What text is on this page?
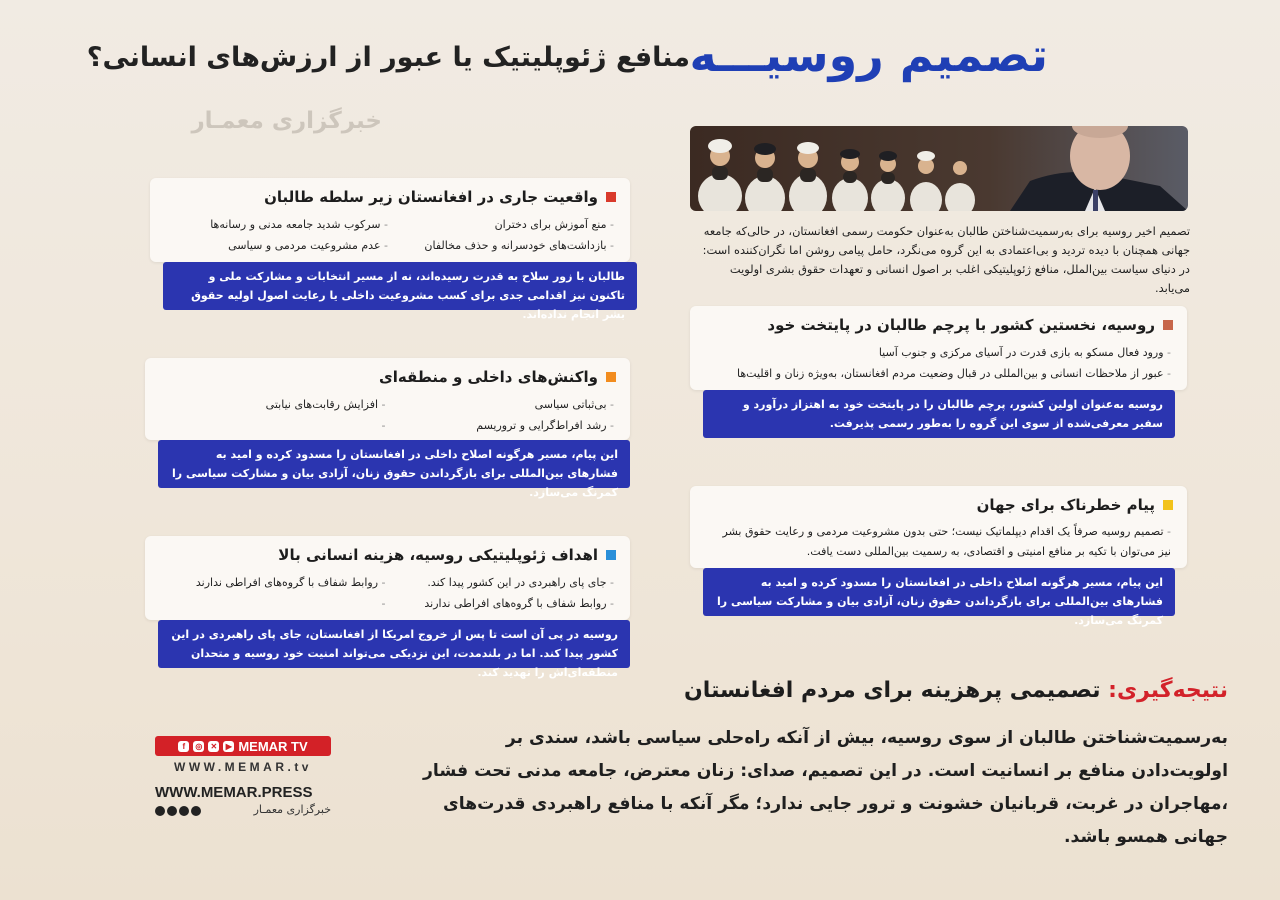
تصمیم روسیـــه
منافع ژئوپلیتیک یا عبور از ارزش‌های انسانی؟
خبرگزاری معمـار
تصمیم اخیر روسیه برای به‌رسمیت‌شناختن طالبان به‌عنوان حکومت رسمی افغانستان، در حالی‌که جامعه جهانی همچنان با دیده تردید و بی‌اعتمادی به این گروه می‌نگرد، حامل پیامی روشن اما نگران‌کننده است: در دنیای سیاست بین‌الملل، منافع ژئوپلیتیکی اغلب بر اصول انسانی و تعهدات حقوق بشری اولویت می‌یابد.
واقعیت جاری در افغانستان زیر سلطه طالبان
- منع آموزش برای دختران
- سرکوب شدید جامعه مدنی و رسانه‌ها
- بازداشت‌های خودسرانه و حذف مخالفان
- عدم مشروعیت مردمی و سیاسی
طالبان با زور سلاح به قدرت رسیده‌اند، نه از مسیر انتخابات و مشارکت ملی و تاکنون نیز اقدامی جدی برای کسب مشروعیت داخلی یا رعایت اصول اولیه حقوق بشر انجام نداده‌اند.
واکنش‌های داخلی و منطقه‌ای
- بی‌ثباتی سیاسی
- افزایش رقابت‌های نیابتی
- رشد افراط‌گرایی و تروریسم
-
این پیام، مسیر هرگونه اصلاح داخلی در افغانستان را مسدود کرده و امید به فشارهای بین‌المللی برای بازگرداندن حقوق زنان، آزادی بیان و مشارکت سیاسی را کمرنگ می‌سازد.
اهداف ژئوپلیتیکی روسیه، هزینه انسانی بالا
- جای پای راهبردی در این کشور پیدا کند.
- روابط شفاف با گروه‌های افراطی ندارند
- روابط شفاف با گروه‌های افراطی ندارند
-
روسیه در پی آن است تا پس از خروج امریکا از افغانستان، جای پای راهبردی در این کشور پیدا کند. اما در بلندمدت، این نزدیکی می‌تواند امنیت خود روسیه و متحدان منطقه‌ای‌اش را تهدید کند.
روسیه، نخستین کشور با پرچم طالبان در پایتخت خود
- ورود فعال مسکو به بازی قدرت در آسیای مرکزی و جنوب آسیا
- عبور از ملاحظات انسانی و بین‌المللی در قبال وضعیت مردم افغانستان، به‌ویژه زنان و اقلیت‌ها
روسیه به‌عنوان اولین کشور، پرچم طالبان را در پایتخت خود به اهتزاز درآورد و سفیر معرفی‌شده از سوی این گروه را به‌طور رسمی پذیرفت.
پیام خطرناک برای جهان
- تصمیم روسیه صرفاً یک اقدام دیپلماتیک نیست؛ حتی بدون مشروعیت مردمی و رعایت حقوق بشر نیز می‌توان با تکیه بر منافع امنیتی و اقتصادی، به رسمیت بین‌المللی دست یافت.
این پیام، مسیر هرگونه اصلاح داخلی در افغانستان را مسدود کرده و امید به فشارهای بین‌المللی برای بازگرداندن حقوق زنان، آزادی بیان و مشارکت سیاسی را کمرنگ می‌سازد.
نتیجه‌گیری: تصمیمی پرهزینه برای مردم افغانستان
به‌رسمیت‌شناختن طالبان از سوی روسیه، بیش از آنکه راه‌حلی سیاسی باشد، سندی بر اولویت‌دادن منافع بر انسانیت است. در این تصمیم، صدای: زنان معترض، جامعه مدنی تحت فشار ،مهاجران در غربت، قربانیان خشونت و ترور جایی ندارد؛ مگر آنکه با منافع راهبردی قدرت‌های جهانی همسو باشد.
f	◎ ✕	▶ MEMAR TV
WWW.MEMAR.tv
WWW.MEMAR.PRESS
خبرگزاری معمـار
